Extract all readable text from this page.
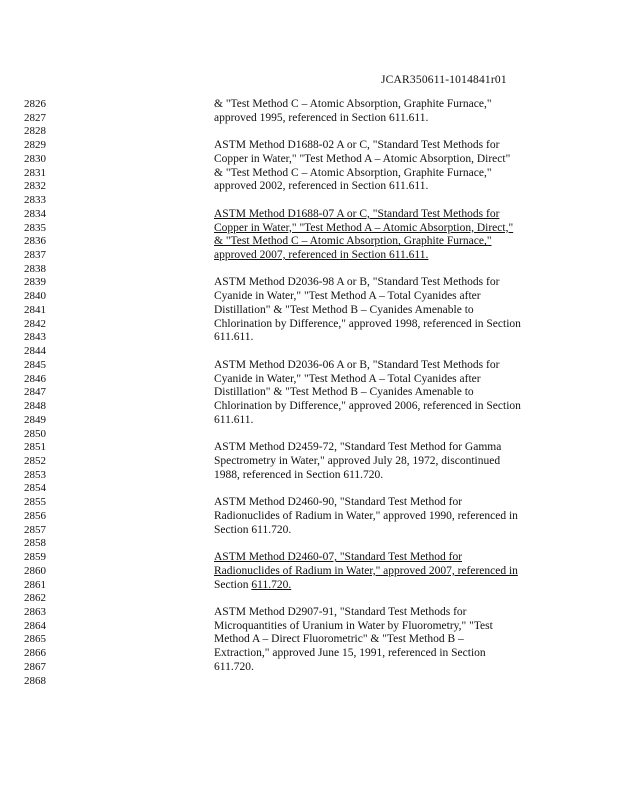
JCAR350611-1014841r01
2826	& "Test Method C – Atomic Absorption, Graphite Furnace,"
2827	approved 1995, referenced in Section 611.611.
2828
2829	ASTM Method D1688-02 A or C, "Standard Test Methods for
2830	Copper in Water," "Test Method A – Atomic Absorption, Direct"
2831	& "Test Method C – Atomic Absorption, Graphite Furnace,"
2832	approved 2002, referenced in Section 611.611.
2833
2834	ASTM Method D1688-07 A or C, "Standard Test Methods for
2835	Copper in Water," "Test Method A – Atomic Absorption, Direct,"
2836	& "Test Method C – Atomic Absorption, Graphite Furnace,"
2837	approved 2007, referenced in Section 611.611.
2838
2839	ASTM Method D2036-98 A or B, "Standard Test Methods for
2840	Cyanide in Water," "Test Method A – Total Cyanides after
2841	Distillation" & "Test Method B – Cyanides Amenable to
2842	Chlorination by Difference," approved 1998, referenced in Section
2843	611.611.
2844
2845	ASTM Method D2036-06 A or B, "Standard Test Methods for
2846	Cyanide in Water," "Test Method A – Total Cyanides after
2847	Distillation" & "Test Method B – Cyanides Amenable to
2848	Chlorination by Difference," approved 2006, referenced in Section
2849	611.611.
2850
2851	ASTM Method D2459-72, "Standard Test Method for Gamma
2852	Spectrometry in Water," approved July 28, 1972, discontinued
2853	1988, referenced in Section 611.720.
2854
2855	ASTM Method D2460-90, "Standard Test Method for
2856	Radionuclides of Radium in Water," approved 1990, referenced in
2857	Section 611.720.
2858
2859	ASTM Method D2460-07, "Standard Test Method for
2860	Radionuclides of Radium in Water," approved 2007, referenced in
2861	Section 611.720.
2862
2863	ASTM Method D2907-91, "Standard Test Methods for
2864	Microquantities of Uranium in Water by Fluorometry," "Test
2865	Method A – Direct Fluorometric" & "Test Method B –
2866	Extraction," approved June 15, 1991, referenced in Section
2867	611.720.
2868
